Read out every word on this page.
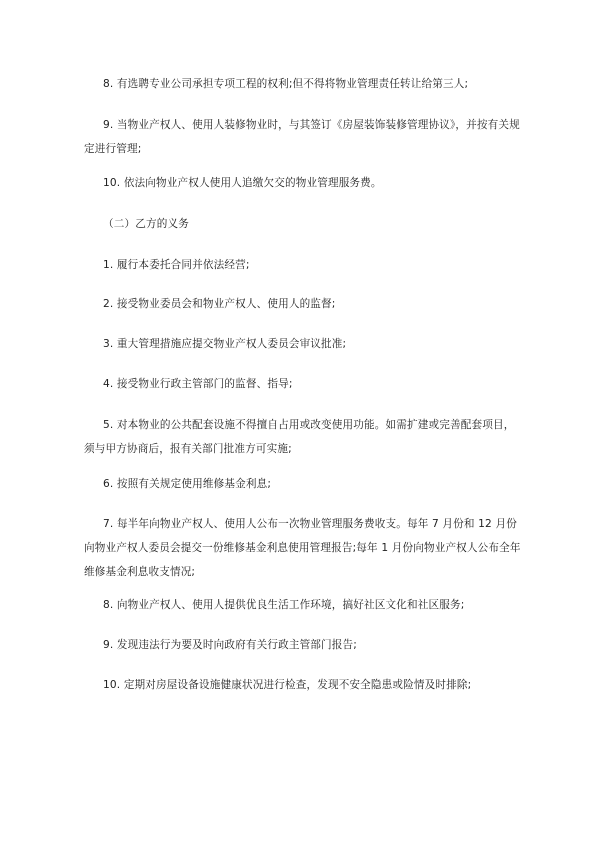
8. 有选聘专业公司承担专项工程的权利;但不得将物业管理责任转让给第三人;

9. 当物业产权人、使用人装修物业时，与其签订《房屋装饰装修管理协议》，并按有关规定进行管理;

10. 依法向物业产权人使用人追缴欠交的物业管理服务费。

（二）乙方的义务

1. 履行本委托合同并依法经营;

2. 接受物业委员会和物业产权人、使用人的监督;

3. 重大管理措施应提交物业产权人委员会审议批准;

4. 接受物业行政主管部门的监督、指导;

5. 对本物业的公共配套设施不得擅自占用或改变使用功能。如需扩建或完善配套项目，须与甲方协商后，报有关部门批准方可实施;

6. 按照有关规定使用维修基金利息;

7. 每半年向物业产权人、使用人公布一次物业管理服务费收支。每年 7 月份和 12 月份向物业产权人委员会提交一份维修基金利息使用管理报告;每年 1 月份向物业产权人公布全年维修基金利息收支情况;

8. 向物业产权人、使用人提供优良生活工作环境，搞好社区文化和社区服务;

9. 发现违法行为要及时向政府有关行政主管部门报告;

10. 定期对房屋设备设施健康状况进行检查，发现不安全隐患或险情及时排除;
